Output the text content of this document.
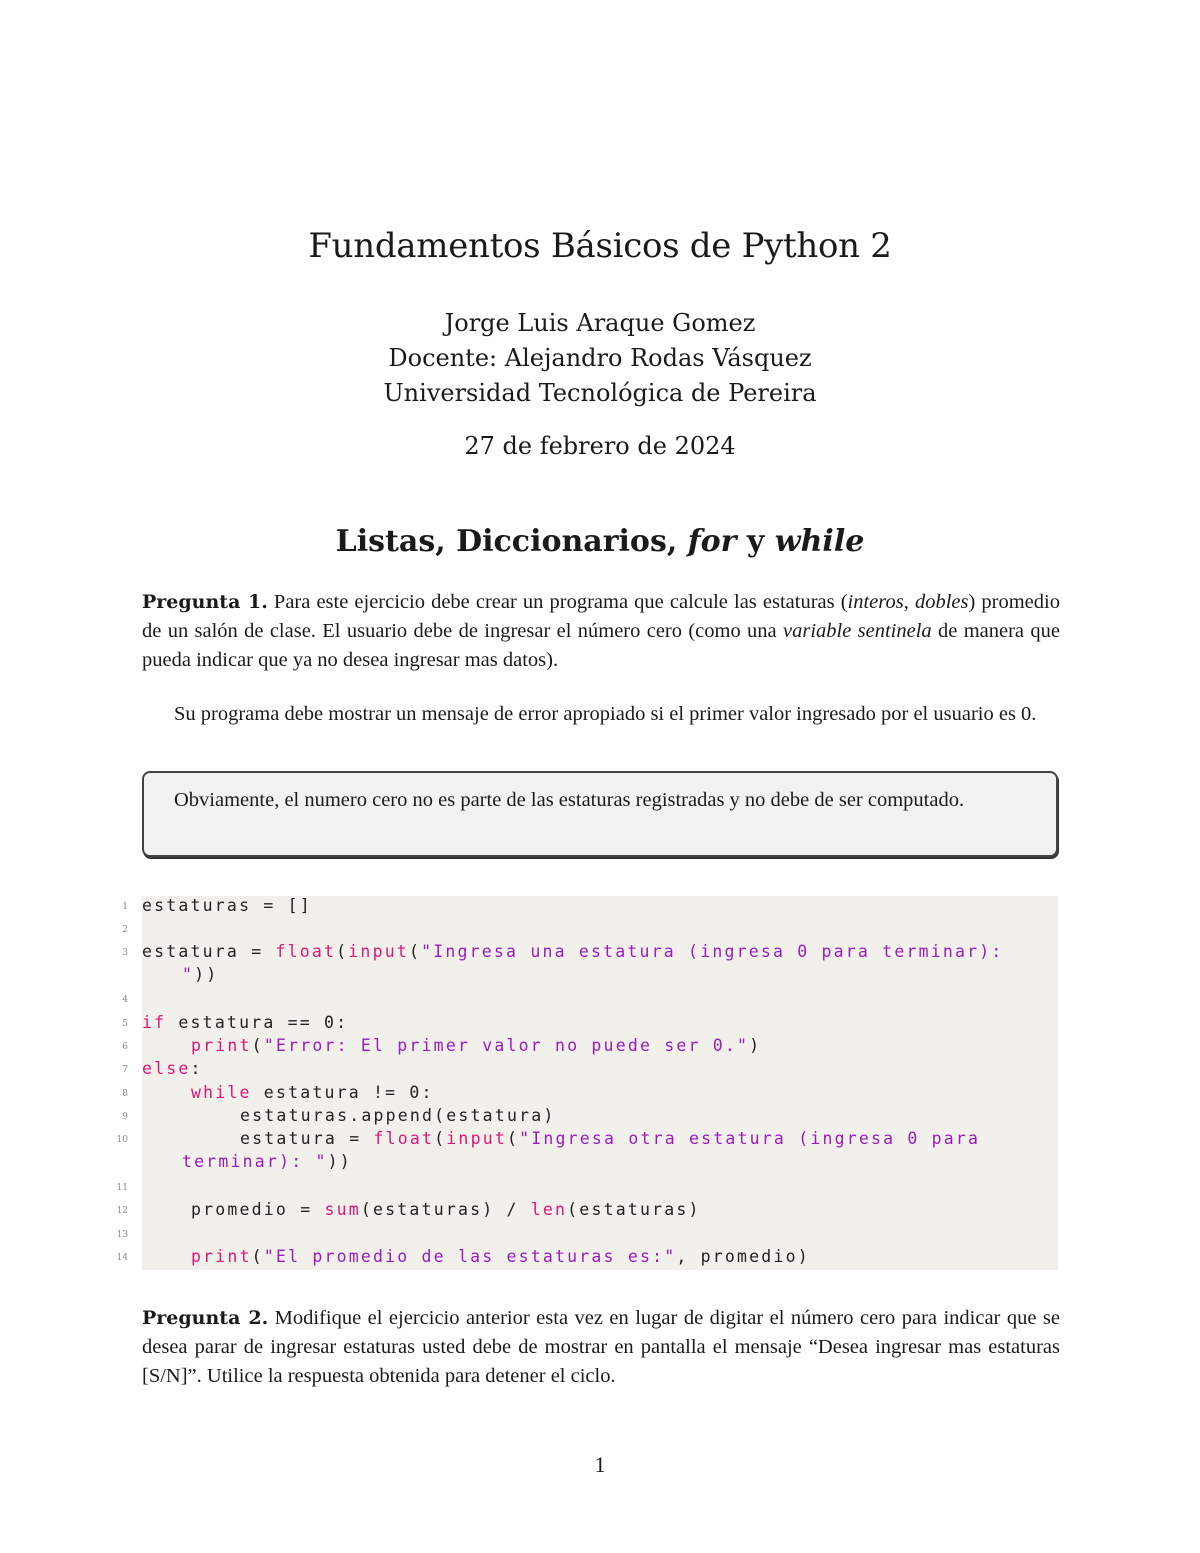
Fundamentos Básicos de Python 2
Jorge Luis Araque Gomez
Docente: Alejandro Rodas Vásquez
Universidad Tecnológica de Pereira
27 de febrero de 2024
Listas, Diccionarios, for y while
Pregunta 1. Para este ejercicio debe crear un programa que calcule las estaturas (interos, dobles) promedio de un salón de clase. El usuario debe de ingresar el número cero (como una variable sentinela de manera que pueda indicar que ya no desea ingresar mas datos).
Su programa debe mostrar un mensaje de error apropiado si el primer valor ingresado por el usuario es 0.
Obviamente, el numero cero no es parte de las estaturas registradas y no debe de ser computado.
1 estaturas = []
2
3 estatura = float(input("Ingresa una estatura (ingresa 0 para terminar):
"))
4
5 if estatura == 0:
6	print("Error: El primer valor no puede ser 0.")
7 else:
8	while estatura != 0:
9	estaturas.append(estatura)
10	estatura = float(input("Ingresa otra estatura (ingresa 0 para
terminar): "))
11
12	promedio = sum(estaturas) / len(estaturas)
13
14	print("El promedio de las estaturas es:", promedio)
Pregunta 2. Modifique el ejercicio anterior esta vez en lugar de digitar el número cero para indicar que se desea parar de ingresar estaturas usted debe de mostrar en pantalla el mensaje “Desea ingresar mas estaturas [S/N]”. Utilice la respuesta obtenida para detener el ciclo.
1
